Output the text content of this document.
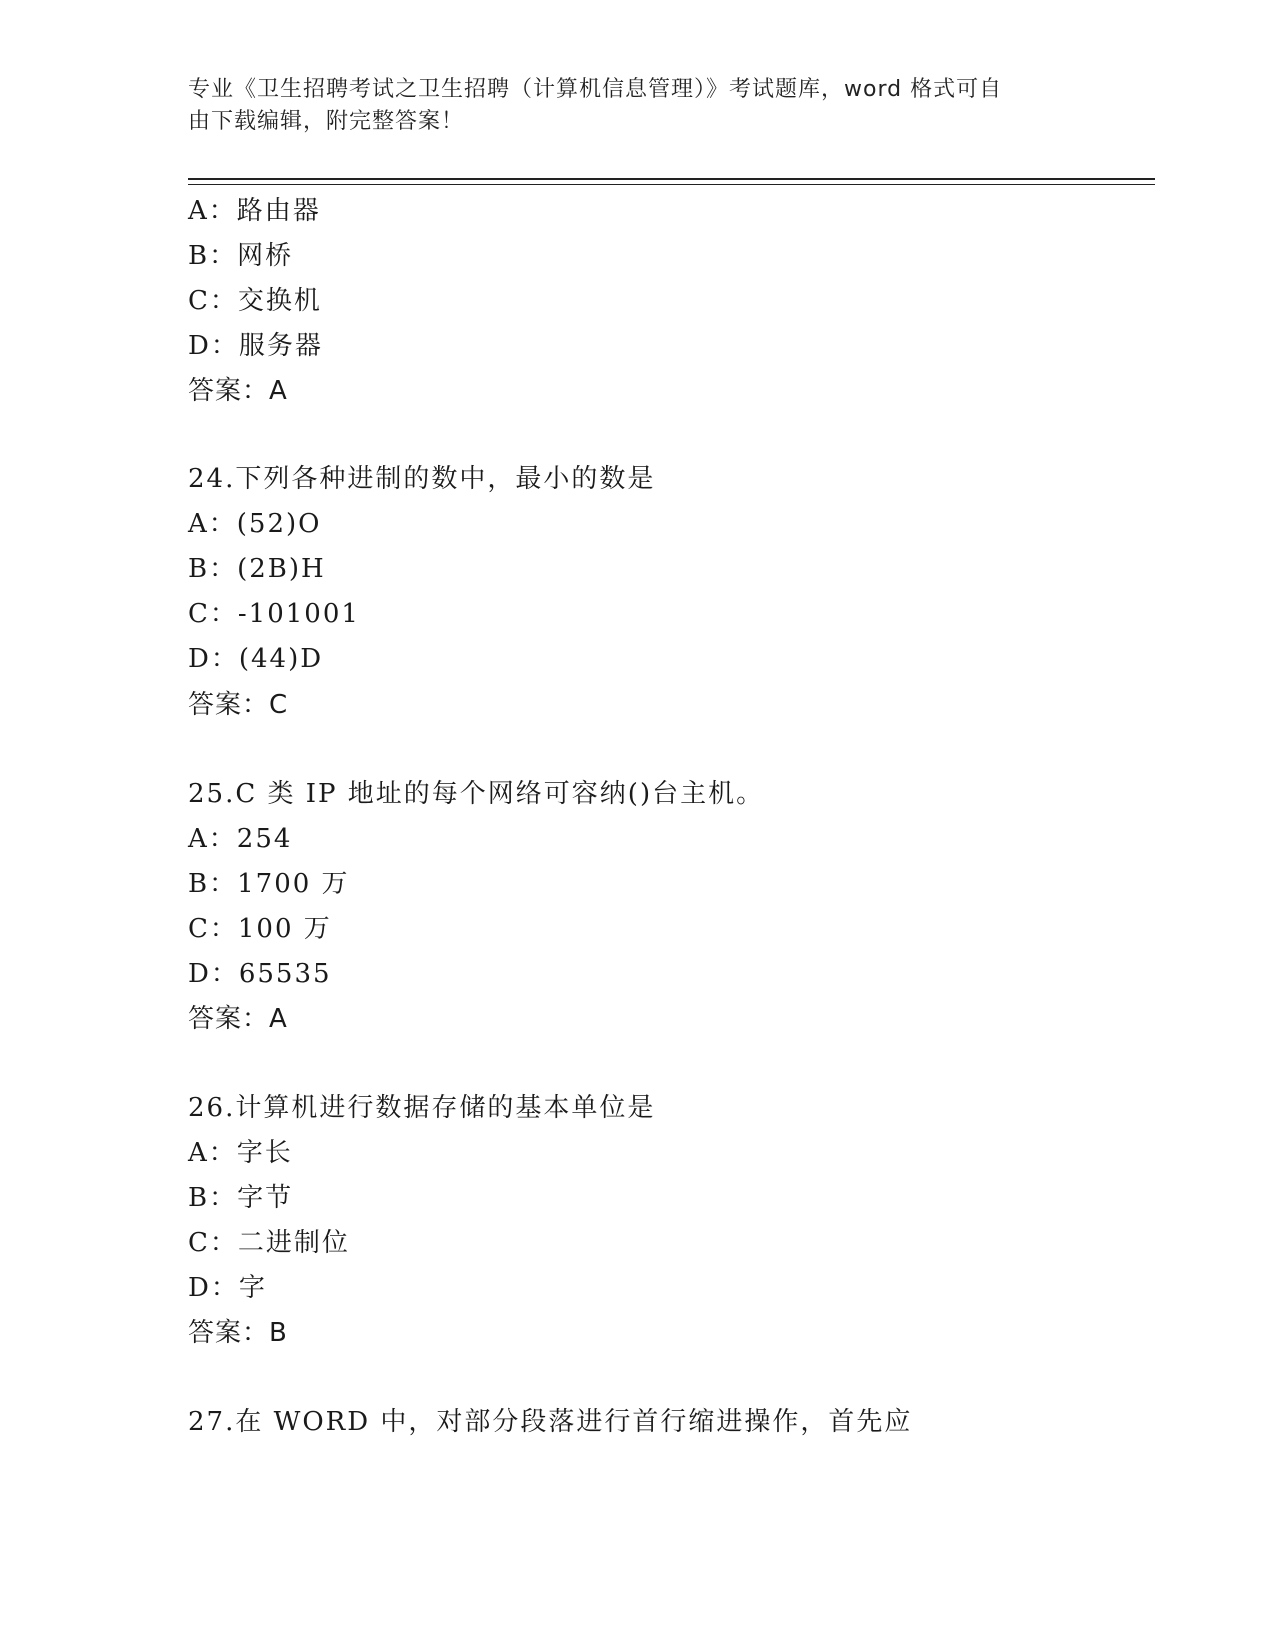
专业《卫生招聘考试之卫生招聘（计算机信息管理）》考试题库，word 格式可自
由下载编辑，附完整答案！
A：路由器
B：网桥
C：交换机
D：服务器
答案：A
24.下列各种进制的数中，最小的数是
A：(52)O
B：(2B)H
C：-101001
D：(44)D
答案：C
25.C 类 IP 地址的每个网络可容纳()台主机。
A：254
B：1700 万
C：100 万
D：65535
答案：A
26.计算机进行数据存储的基本单位是
A：字长
B：字节
C：二进制位
D：字
答案：B
27.在 WORD 中，对部分段落进行首行缩进操作，首先应
